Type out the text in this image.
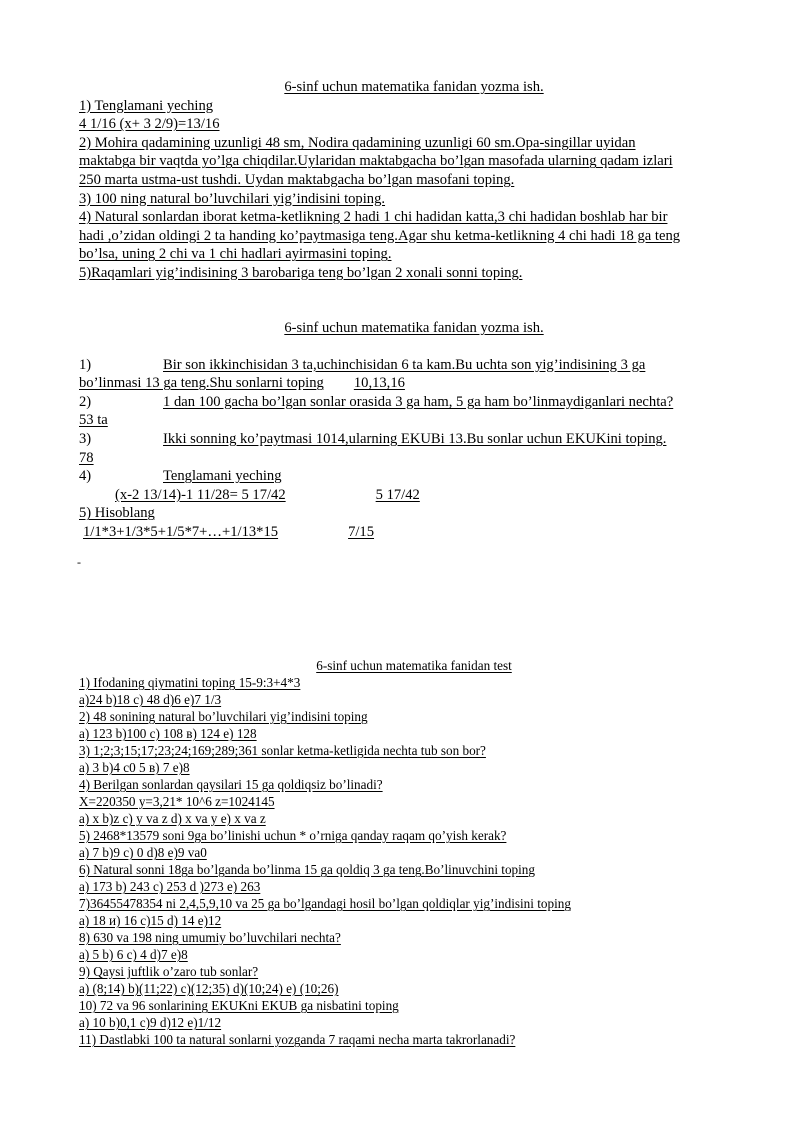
6-sinf uchun matematika fanidan yozma ish.
1) Tenglamani yeching
4 1/16 (x+ 3 2/9)=13/16
2) Mohira qadamining uzunligi 48 sm, Nodira qadamining uzunligi 60 sm.Opa-singillar uyidan
maktabga bir vaqtda yo’lga chiqdilar.Uylaridan maktabgacha bo’lgan masofada ularning qadam izlari
250 marta ustma-ust tushdi. Uydan maktabgacha bo’lgan masofani toping.
3) 100 ning natural bo’luvchilari yig’indisini toping.
4) Natural sonlardan iborat ketma-ketlikning 2 hadi 1 chi hadidan katta,3 chi hadidan boshlab har bir
hadi ,o’zidan oldingi 2 ta handing ko’paytmasiga teng.Agar shu ketma-ketlikning 4 chi hadi 18 ga teng
bo’lsa, uning 2 chi va 1 chi hadlari ayirmasini toping.
5)Raqamlari yig’indisining 3 barobariga teng bo’lgan 2 xonali sonni toping.
6-sinf uchun matematika fanidan yozma ish.
1)	Bir son ikkinchisidan 3 ta,uchinchisidan 6 ta kam.Bu uchta son yig’indisining 3 ga
bo’linmasi 13 ga teng.Shu sonlarni toping 10,13,16
2)	1 dan 100 gacha bo’lgan sonlar orasida 3 ga ham, 5 ga ham bo’linmaydiganlari nechta?
53 ta
3)	Ikki sonning ko’paytmasi 1014,ularning EKUBi 13.Bu sonlar uchun EKUKini toping.
78
4)	Tenglamani yeching
(x-2 13/14)-1 11/28= 5 17/42	5 17/42
5) Hisoblang
1/1*3+1/3*5+1/5*7+…+1/13*15	7/15
-
6-sinf uchun matematika fanidan test
1) Ifodaning qiymatini toping 15-9:3+4*3
a)24 b)18 c) 48 d)6 e)7 1/3
2) 48 sonining natural bo’luvchilari yig’indisini toping
a) 123 b)100 c) 108 в) 124 e) 128
3) 1;2;3;15;17;23;24;169;289;361 sonlar ketma-ketligida nechta tub son bor?
a) 3 b)4 c0 5 в) 7 e)8
4) Berilgan sonlardan qaysilari 15 ga qoldiqsiz bo’linadi?
X=220350 y=3,21* 10^6 z=1024145
a) x b)z c) y va z d) x va y e) x va z
5) 2468*13579 soni 9ga bo’linishi uchun * o’rniga qanday raqam qo’yish kerak?
a) 7 b)9 c) 0 d)8 e)9 va0
6) Natural sonni 18ga bo’lganda bo’linma 15 ga qoldiq 3 ga teng.Bo’linuvchini toping
a) 173 b) 243 c) 253 d )273 e) 263
7)36455478354 ni 2,4,5,9,10 va 25 ga bo’lgandagi hosil bo’lgan qoldiqlar yig’indisini toping
a) 18 и) 16 c)15 d) 14 e)12
8) 630 va 198 ning umumiy bo’luvchilari nechta?
a) 5 b) 6 c) 4 d)7 e)8
9) Qaysi juftlik o’zaro tub sonlar?
a) (8;14) b)(11;22) c)(12;35) d)(10;24) e) (10;26)
10) 72 va 96 sonlarining EKUKni EKUB ga nisbatini toping
a) 10 b)0,1 c)9 d)12 e)1/12
11) Dastlabki 100 ta natural sonlarni yozganda 7 raqami necha marta takrorlanadi?
